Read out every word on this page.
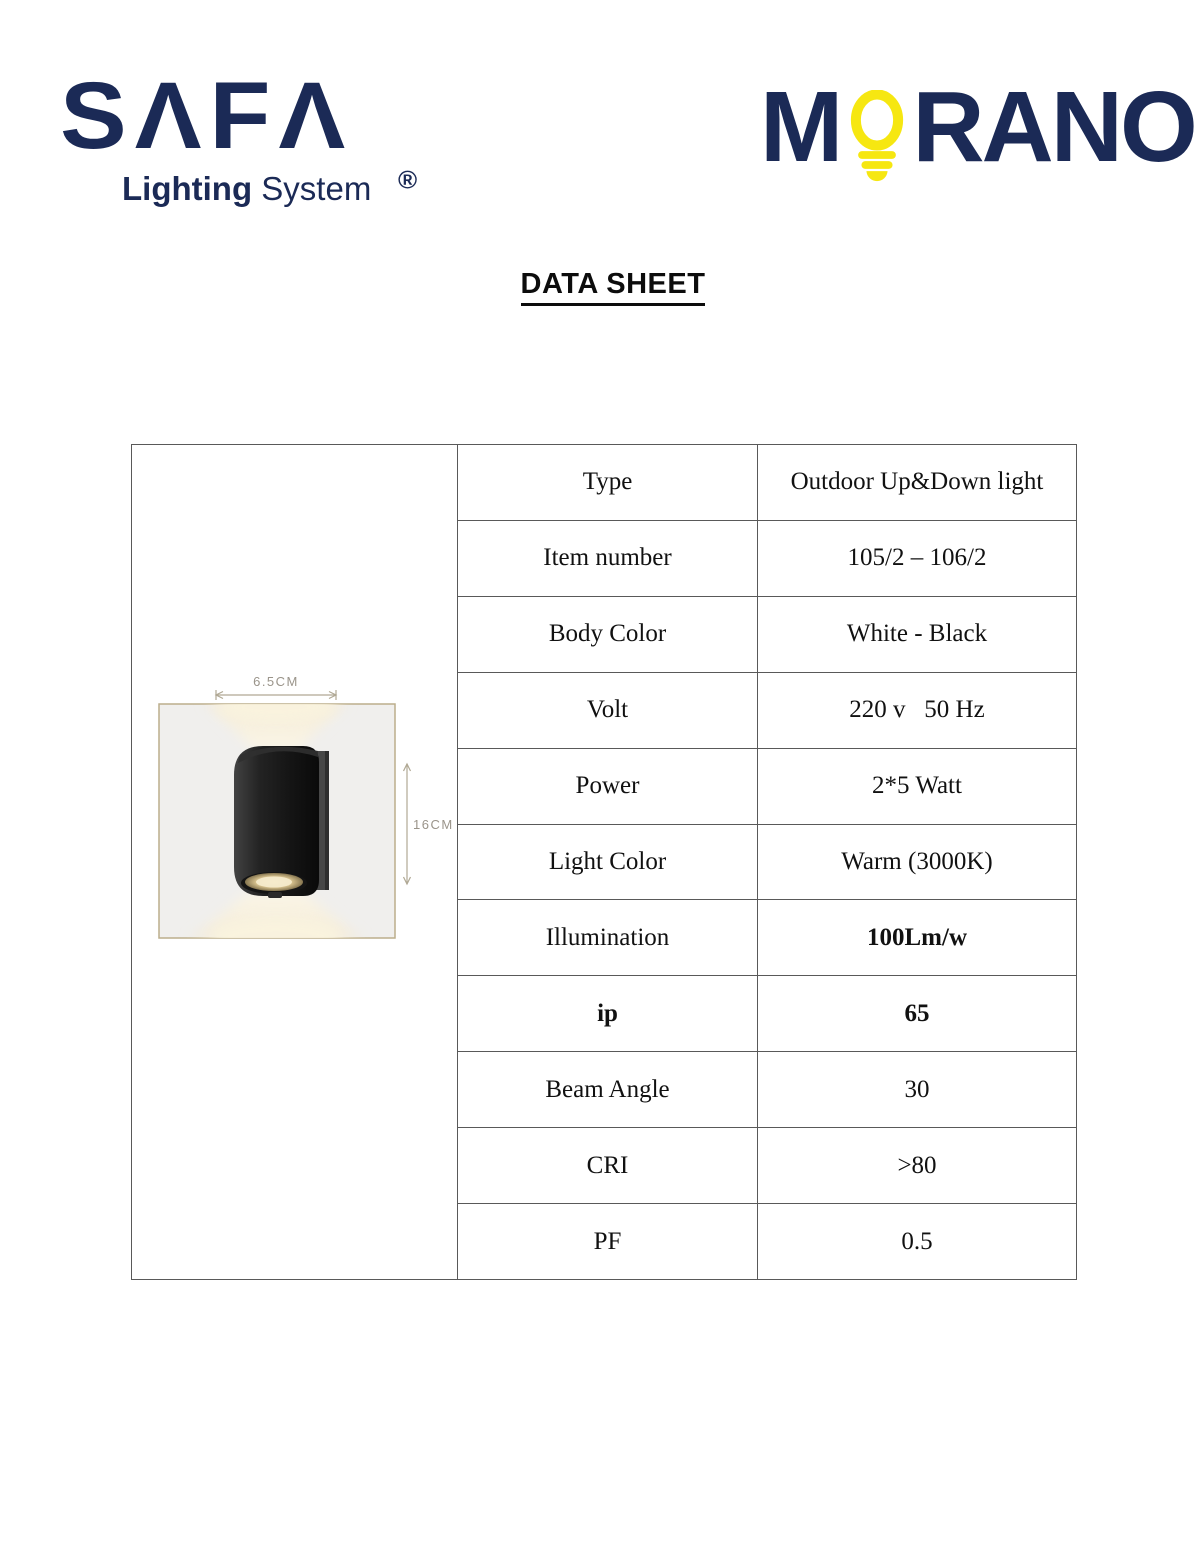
SΛFΛ
®
Lighting System
M RANO
DATA SHEET
6.5CM
16CM
Type	Outdoor Up&Down light
Item number	105/2 – 106/2
Body Color	White - Black
Volt	220 v   50 Hz
Power	2*5 Watt
Light Color	Warm (3000K)
Illumination	100Lm/w
ip	65
Beam Angle	30
CRI	>80
PF	0.5
